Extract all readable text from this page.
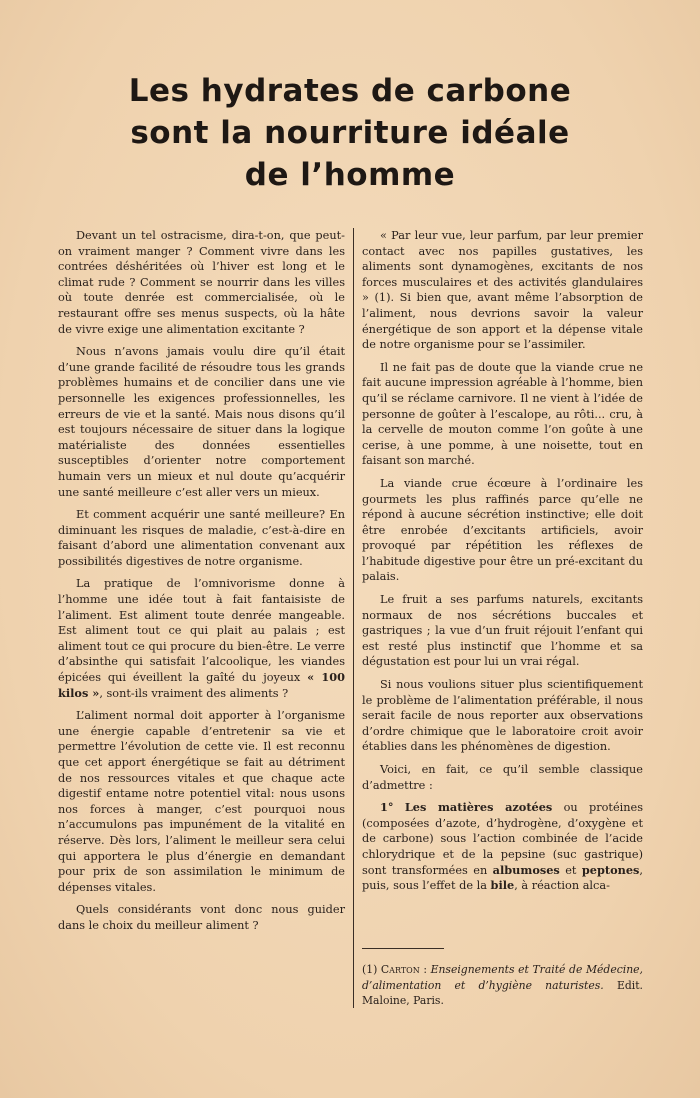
Les hydrates de carbone
sont la nourriture idéale
de l’homme

Devant un tel ostracisme, dira-t-on, que peut-on vraiment manger ? Comment vivre dans les contrées déshéritées où l’hiver est long et le climat rude ? Comment se nourrir dans les villes où toute denrée est commercialisée, où le restaurant offre ses menus suspects, où la hâte de vivre exige une alimentation excitante ?

Nous n’avons jamais voulu dire qu’il était d’une grande facilité de résoudre tous les grands problèmes humains et de concilier dans une vie personnelle les exigences professionnelles, les erreurs de vie et la santé. Mais nous disons qu’il est toujours nécessaire de situer dans la logique matérialiste des données essentielles susceptibles d’orienter notre comportement humain vers un mieux et nul doute qu’acquérir une santé meilleure c’est aller vers un mieux.

Et comment acquérir une santé meilleure? En diminuant les risques de maladie, c’est-à-dire en faisant d’abord une alimentation convenant aux possibilités digestives de notre organisme.

La pratique de l’omnivorisme donne à l’homme une idée tout à fait fantaisiste de l’aliment. Est aliment toute denrée mangeable. Est aliment tout ce qui plait au palais ; est aliment tout ce qui procure du bien-être. Le verre d’absinthe qui satisfait l’alcoolique, les viandes épicées qui éveillent la gaîté du joyeux « 100 kilos », sont-ils vraiment des aliments ?

L’aliment normal doit apporter à l’organisme une énergie capable d’entretenir sa vie et permettre l’évolution de cette vie. Il est reconnu que cet apport énergétique se fait au détriment de nos ressources vitales et que chaque acte digestif entame notre potentiel vital: nous usons nos forces à manger, c’est pourquoi nous n’accumulons pas impunément de la vitalité en réserve. Dès lors, l’aliment le meilleur sera celui qui apportera le plus d’énergie en demandant pour prix de son assimilation le minimum de dépenses vitales.

Quels considérants vont donc nous guider dans le choix du meilleur aliment ?

« Par leur vue, leur parfum, par leur premier contact avec nos papilles gustatives, les aliments sont dynamogènes, excitants de nos forces musculaires et des activités glandulaires » (1). Si bien que, avant même l’absorption de l’aliment, nous devrions savoir la valeur énergétique de son apport et la dépense vitale de notre organisme pour se l’assimiler.

Il ne fait pas de doute que la viande crue ne fait aucune impression agréable à l’homme, bien qu’il se réclame carnivore. Il ne vient à l’idée de personne de goûter à l’escalope, au rôti... cru, à la cervelle de mouton comme l’on goûte à une cerise, à une pomme, à une noisette, tout en faisant son marché.

La viande crue écœure à l’ordinaire les gourmets les plus raffinés parce qu’elle ne répond à aucune sécrétion instinctive; elle doit être enrobée d’excitants artificiels, avoir provoqué par répétition les réflexes de l’habitude digestive pour être un pré-excitant du palais.

Le fruit a ses parfums naturels, excitants normaux de nos sécrétions buccales et gastriques ; la vue d’un fruit réjouit l’enfant qui est resté plus instinctif que l’homme et sa dégustation est pour lui un vrai régal.

Si nous voulions situer plus scientifiquement le problème de l’alimentation préférable, il nous serait facile de nous reporter aux observations d’ordre chimique que le laboratoire croit avoir établies dans les phénomènes de digestion.

Voici, en fait, ce qu’il semble classique d’admettre :

1° Les matières azotées ou protéines (composées d’azote, d’hydrogène, d’oxygène et de carbone) sous l’action combinée de l’acide chlorydrique et de la pepsine (suc gastrique) sont transformées en albumoses et peptones, puis, sous l’effet de la bile, à réaction alca-

(1) Carton : Enseignements et Traité de Médecine, d’alimentation et d’hygiène naturistes. Edit. Maloine, Paris.
